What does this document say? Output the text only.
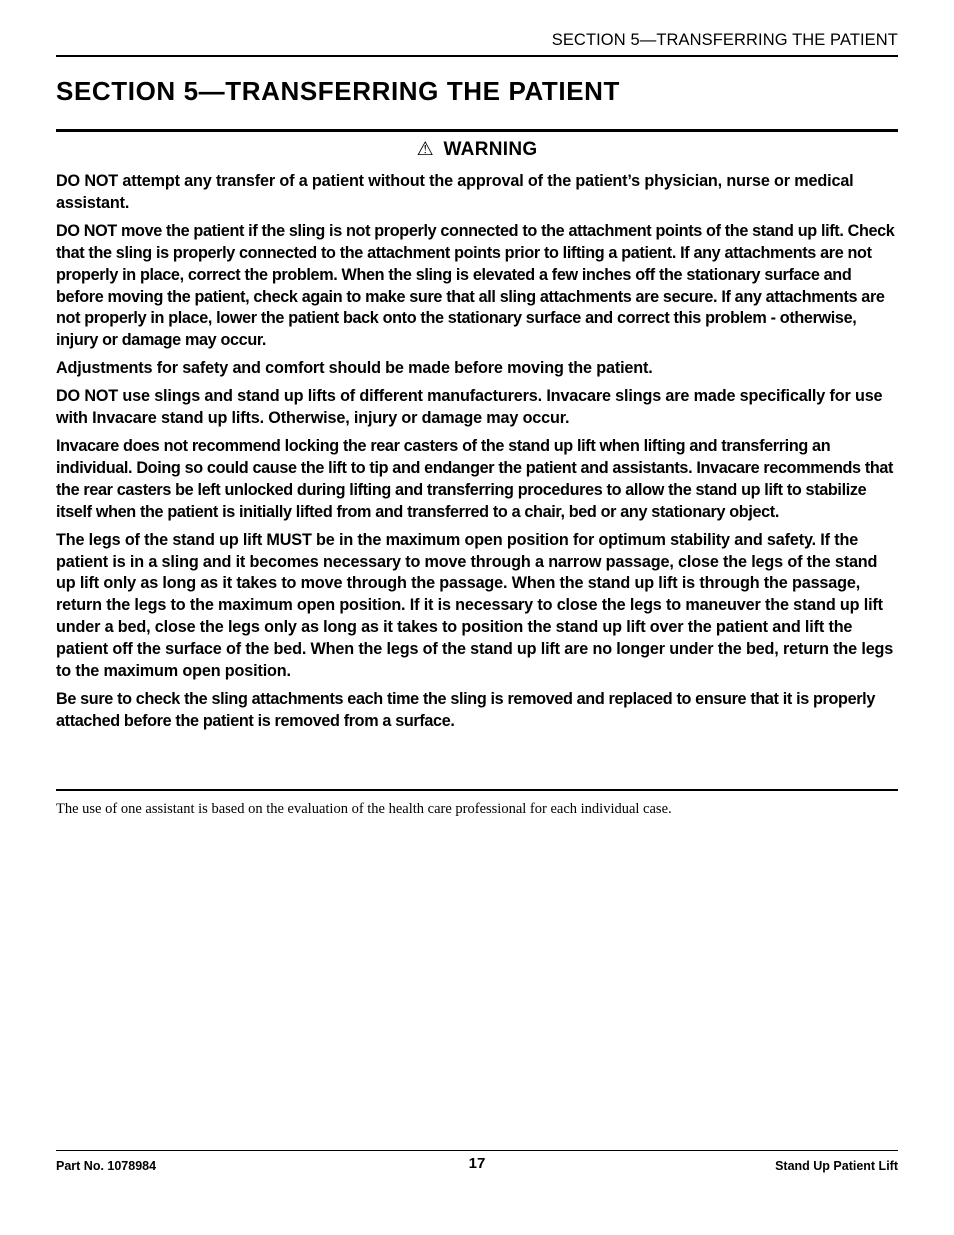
SECTION 5—TRANSFERRING THE PATIENT
SECTION 5—TRANSFERRING THE PATIENT
⚠ WARNING

DO NOT attempt any transfer of a patient without the approval of the patient’s physician, nurse or medical assistant.

DO NOT move the patient if the sling is not properly connected to the attachment points of the stand up lift. Check that the sling is properly connected to the attachment points prior to lifting a patient. If any attachments are not properly in place, correct the problem. When the sling is elevated a few inches off the stationary surface and before moving the patient, check again to make sure that all sling attachments are secure. If any attachments are not properly in place, lower the patient back onto the stationary surface and correct this problem - otherwise, injury or damage may occur.

Adjustments for safety and comfort should be made before moving the patient.

DO NOT use slings and stand up lifts of different manufacturers. Invacare slings are made specifically for use with Invacare stand up lifts. Otherwise, injury or damage may occur.

Invacare does not recommend locking the rear casters of the stand up lift when lifting and transferring an individual. Doing so could cause the lift to tip and endanger the patient and assistants. Invacare recommends that the rear casters be left unlocked during lifting and transferring procedures to allow the stand up lift to stabilize itself when the patient is initially lifted from and transferred to a chair, bed or any stationary object.

The legs of the stand up lift MUST be in the maximum open position for optimum stability and safety. If the patient is in a sling and it becomes necessary to move through a narrow passage, close the legs of the stand up lift only as long as it takes to move through the passage. When the stand up lift is through the passage, return the legs to the maximum open position. If it is necessary to close the legs to maneuver the stand up lift under a bed, close the legs only as long as it takes to position the stand up lift over the patient and lift the patient off the surface of the bed. When the legs of the stand up lift are no longer under the bed, return the legs to the maximum open position.

Be sure to check the sling attachments each time the sling is removed and replaced to ensure that it is properly attached before the patient is removed from a surface.

The use of one assistant is based on the evaluation of the health care professional for each individual case.
Part No. 1078984	17	Stand Up Patient Lift
